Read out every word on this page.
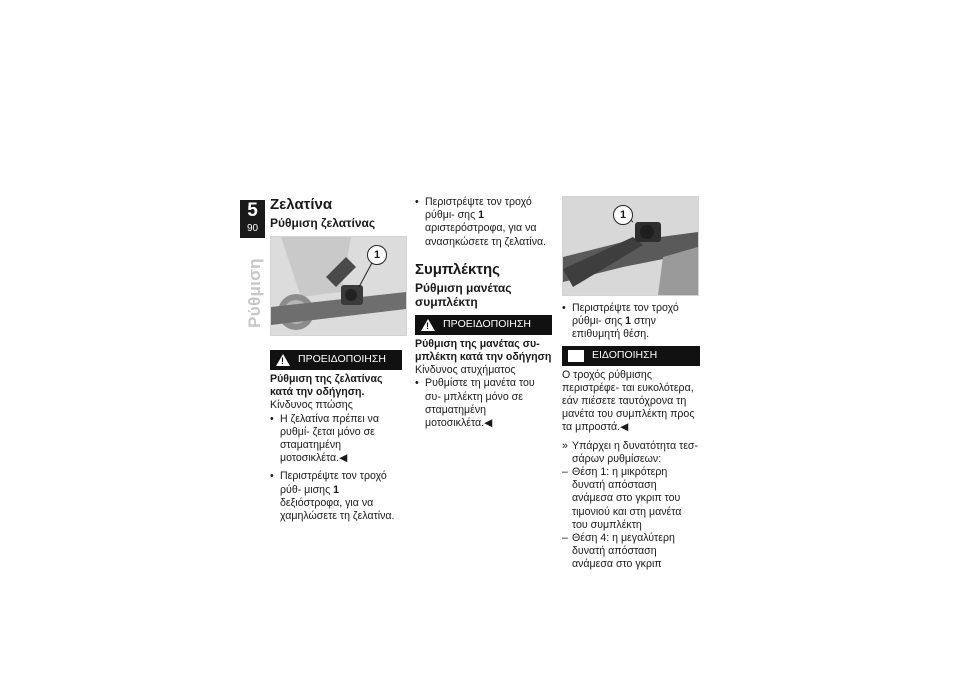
5
90
Ρύθμιση
Ζελατίνα
Ρύθμιση ζελατίνας
1
! ΠΡΟΕΙΔΟΠΟΙΗΣΗ
Ρύθμιση της ζελατίνας κατά την οδήγηση.
Κίνδυνος πτώσης
• Η ζελατίνα πρέπει να ρυθμί- ζεται μόνο σε σταματημένη μοτοσικλέτα.◀
• Περιστρέψτε τον τροχό ρύθ- μισης 1 δεξιόστροφα, για να χαμηλώσετε τη ζελατίνα.
• Περιστρέψτε τον τροχό ρύθμι- σης 1 αριστερόστροφα, για να ανασηκώσετε τη ζελατίνα.
Συμπλέκτης
Ρύθμιση μανέτας συμπλέκτη
! ΠΡΟΕΙΔΟΠΟΙΗΣΗ
Ρύθμιση της μανέτας συ- μπλέκτη κατά την οδήγηση
Κίνδυνος ατυχήματος
• Ρυθμίστε τη μανέτα του συ- μπλέκτη μόνο σε σταματημένη μοτοσικλέτα.◀
1
• Περιστρέψτε τον τροχό ρύθμι- σης 1 στην επιθυμητή θέση.
ΕΙΔΟΠΟΙΗΣΗ
Ο τροχός ρύθμισης περιστρέφε- ται ευκολότερα, εάν πιέσετε ταυτόχρονα τη μανέτα του συμπλέκτη προς τα μπροστά.◀
» Υπάρχει η δυνατότητα τεσ- σάρων ρυθμίσεων:
– Θέση 1: η μικρότερη δυνατή απόσταση ανάμεσα στο γκριπ του τιμονιού και στη μανέτα του συμπλέκτη
– Θέση 4: η μεγαλύτερη δυνατή απόσταση ανάμεσα στο γκριπ
